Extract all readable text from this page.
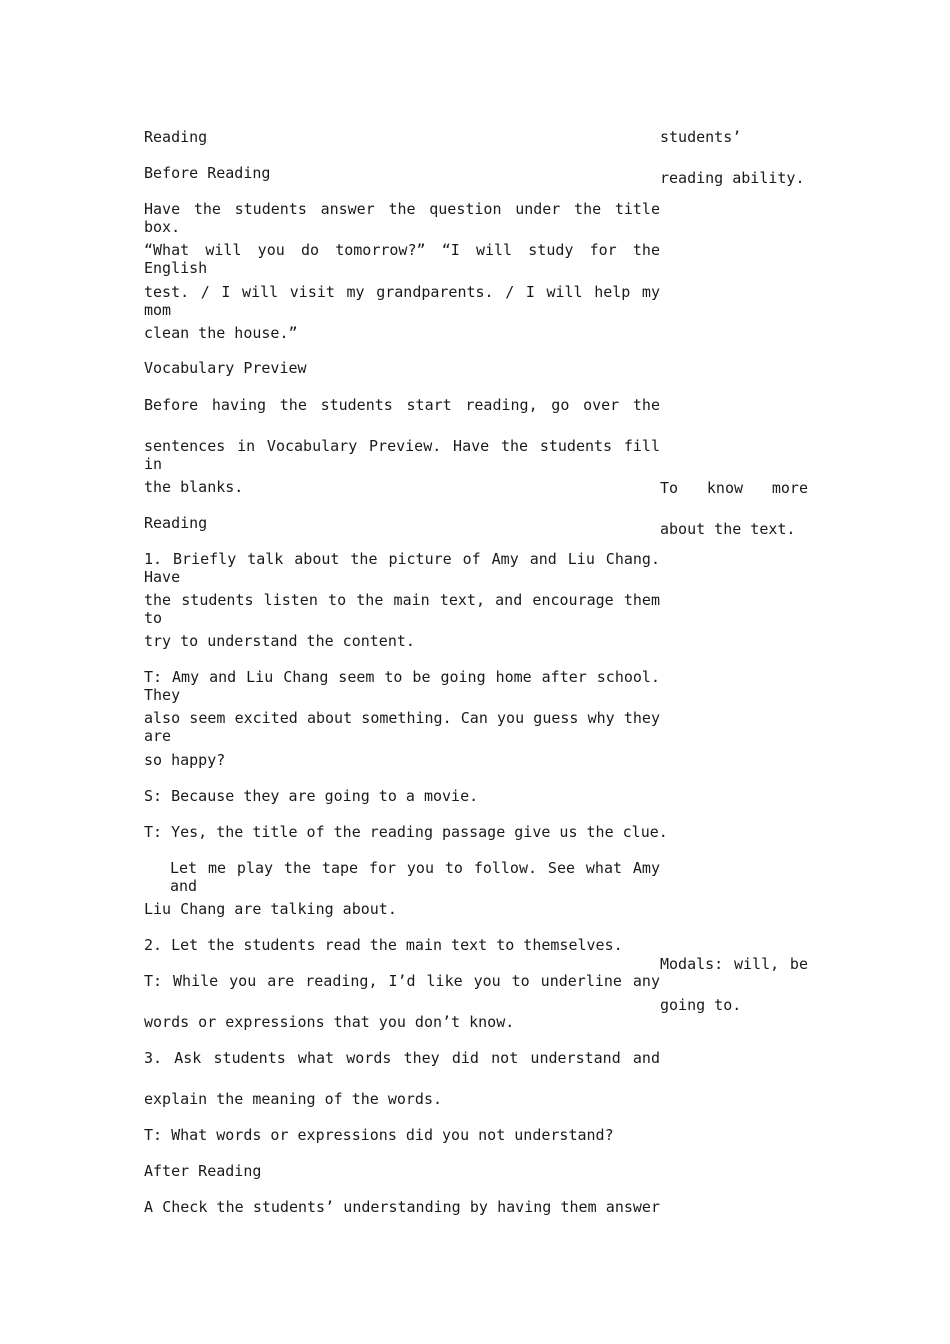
Reading
Before Reading
Have the students answer the question under the title box.
“What will you do tomorrow?” “I will study for the English
test. / I will visit my grandparents. / I will help my mom
clean the house.”
Vocabulary Preview
Before having the students start reading, go over the
sentences in Vocabulary Preview. Have the students fill in
the blanks.
Reading
1. Briefly talk about the picture of Amy and Liu Chang. Have
the students listen to the main text, and encourage them to
try to understand the content.
T: Amy and Liu Chang seem to be going home after school. They
also seem excited about something. Can you guess why they are
so happy?
S: Because they are going to a movie.
T: Yes, the title of the reading passage give us the clue.
Let me play the tape for you to follow. See what Amy and
Liu Chang are talking about.
2. Let the students read the main text to themselves.
T: While you are reading, I’d like you to underline any
words or expressions that you don’t know.
3. Ask students what words they did not understand and
explain the meaning of the words.
T: What words or expressions did you not understand?
After Reading
A Check the students’ understanding by having them answer
students’
reading ability.
To know more
about the text.
Modals: will, be
going to.
